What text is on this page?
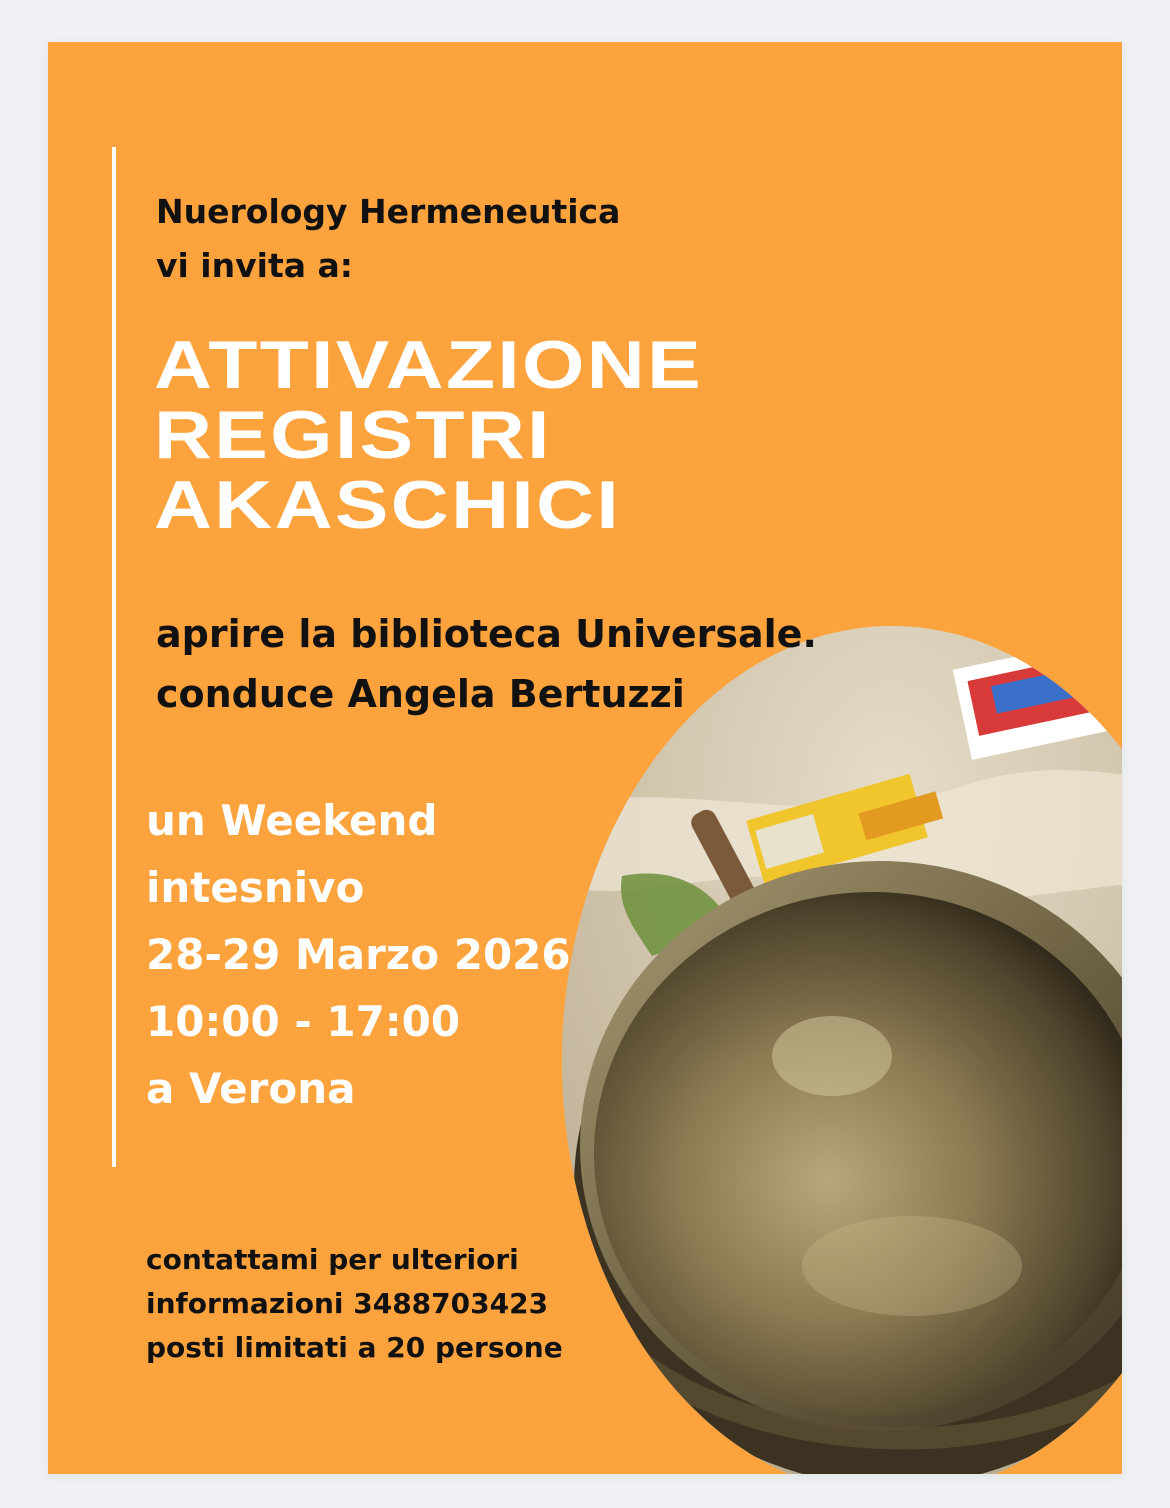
Nuerology Hermeneutica
vi invita a:
ATTIVAZIONE
REGISTRI
AKASCHICI
aprire la biblioteca Universale.
conduce Angela Bertuzzi
un Weekend
intesnivo
28-29 Marzo 2026
10:00 - 17:00
a Verona
contattami per ulteriori
informazioni 3488703423
posti limitati a 20 persone
